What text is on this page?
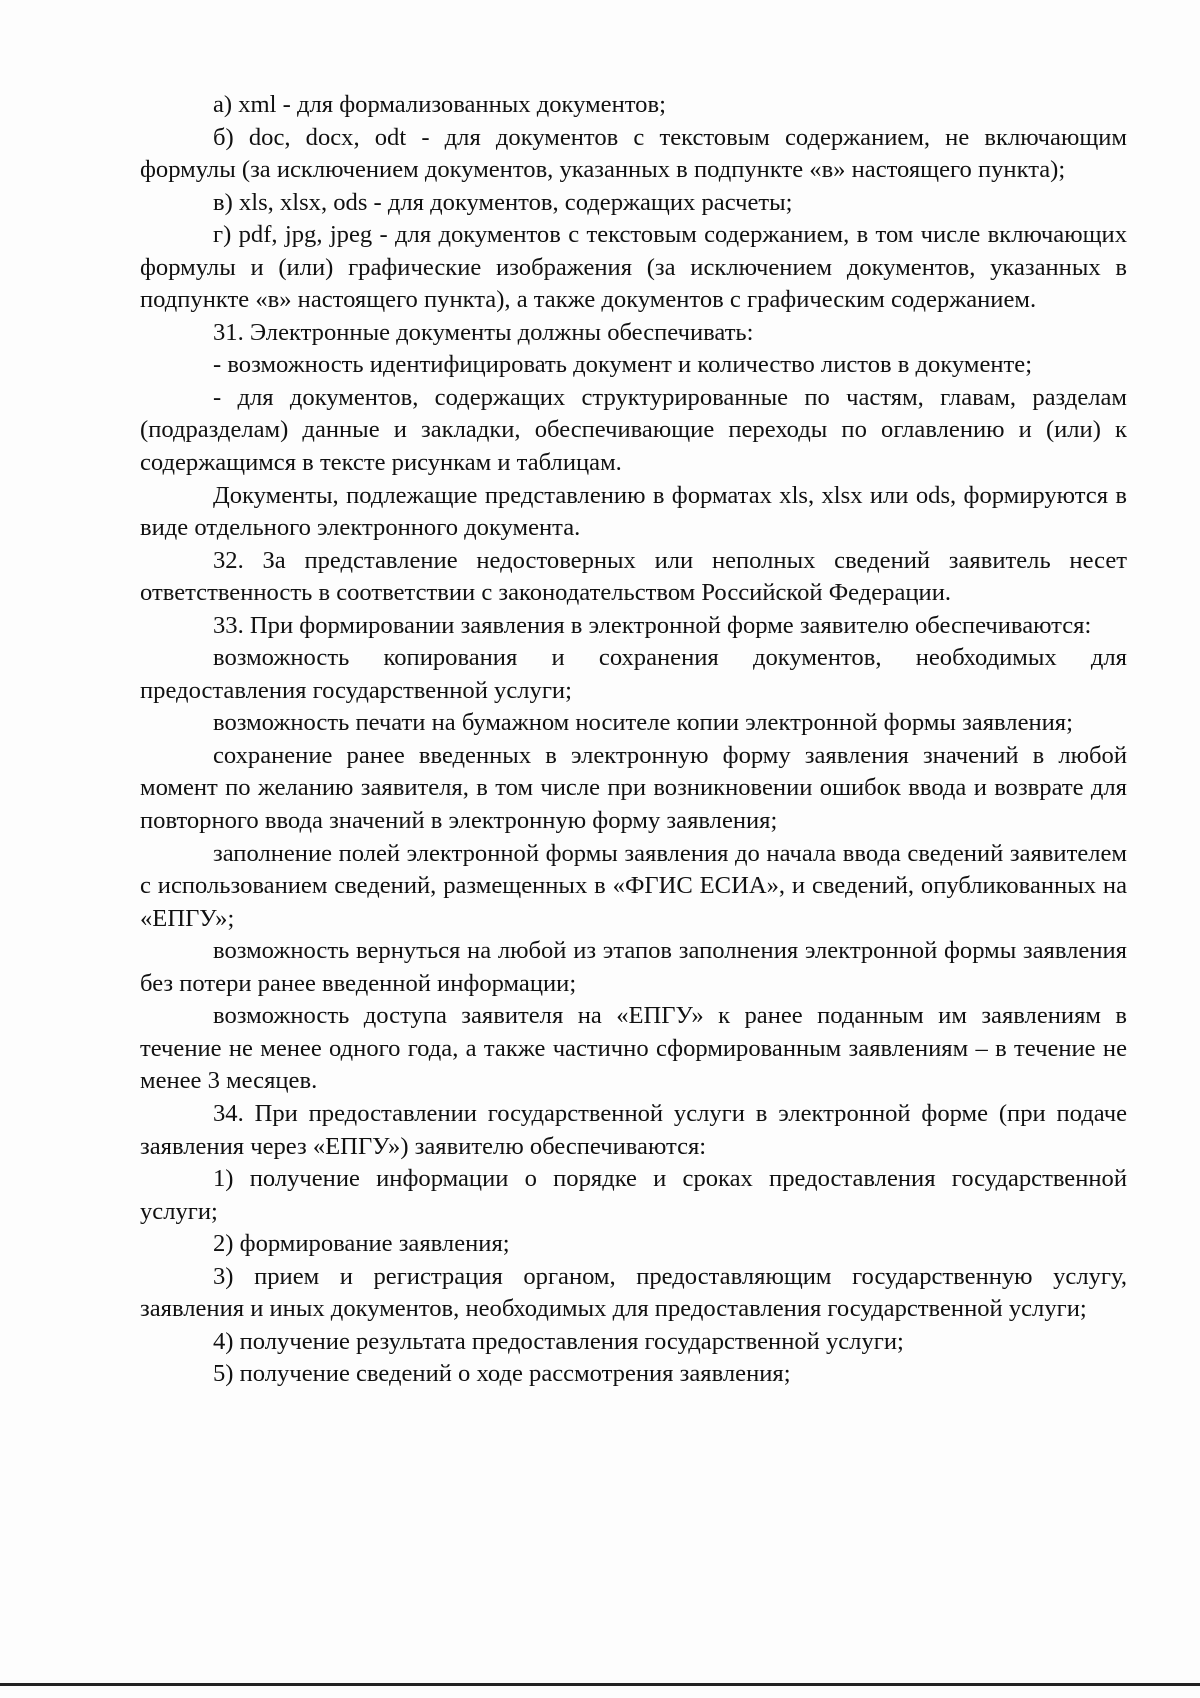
а) xml - для формализованных документов;

б) doc, docx, odt - для документов с текстовым содержанием, не включающим формулы (за исключением документов, указанных в подпункте «в» настоящего пункта);

в) xls, xlsx, ods - для документов, содержащих расчеты;

г) pdf, jpg, jpeg - для документов с текстовым содержанием, в том числе включающих формулы и (или) графические изображения (за исключением документов, указанных в подпункте «в» настоящего пункта), а также документов с графическим содержанием.

31. Электронные документы должны обеспечивать:

- возможность идентифицировать документ и количество листов в документе;

- для документов, содержащих структурированные по частям, главам, разделам (подразделам) данные и закладки, обеспечивающие переходы по оглавлению и (или) к содержащимся в тексте рисункам и таблицам.

Документы, подлежащие представлению в форматах xls, xlsx или ods, формируются в виде отдельного электронного документа.

32. За представление недостоверных или неполных сведений заявитель несет ответственность в соответствии с законодательством Российской Федерации.

33. При формировании заявления в электронной форме заявителю обеспечиваются:

возможность копирования и сохранения документов, необходимых для предоставления государственной услуги;

возможность печати на бумажном носителе копии электронной формы заявления;

сохранение ранее введенных в электронную форму заявления значений в любой момент по желанию заявителя, в том числе при возникновении ошибок ввода и возврате для повторного ввода значений в электронную форму заявления;

заполнение полей электронной формы заявления до начала ввода сведений заявителем с использованием сведений, размещенных в «ФГИС ЕСИА», и сведений, опубликованных на «ЕПГУ»;

возможность вернуться на любой из этапов заполнения электронной формы заявления без потери ранее введенной информации;

возможность доступа заявителя на «ЕПГУ» к ранее поданным им заявлениям в течение не менее одного года, а также частично сформированным заявлениям – в течение не менее 3 месяцев.

34. При предоставлении государственной услуги в электронной форме (при подаче заявления через «ЕПГУ») заявителю обеспечиваются:

1) получение информации о порядке и сроках предоставления государственной услуги;

2) формирование заявления;

3) прием и регистрация органом, предоставляющим государственную услугу, заявления и иных документов, необходимых для предоставления государственной услуги;

4) получение результата предоставления государственной услуги;

5) получение сведений о ходе рассмотрения заявления;
